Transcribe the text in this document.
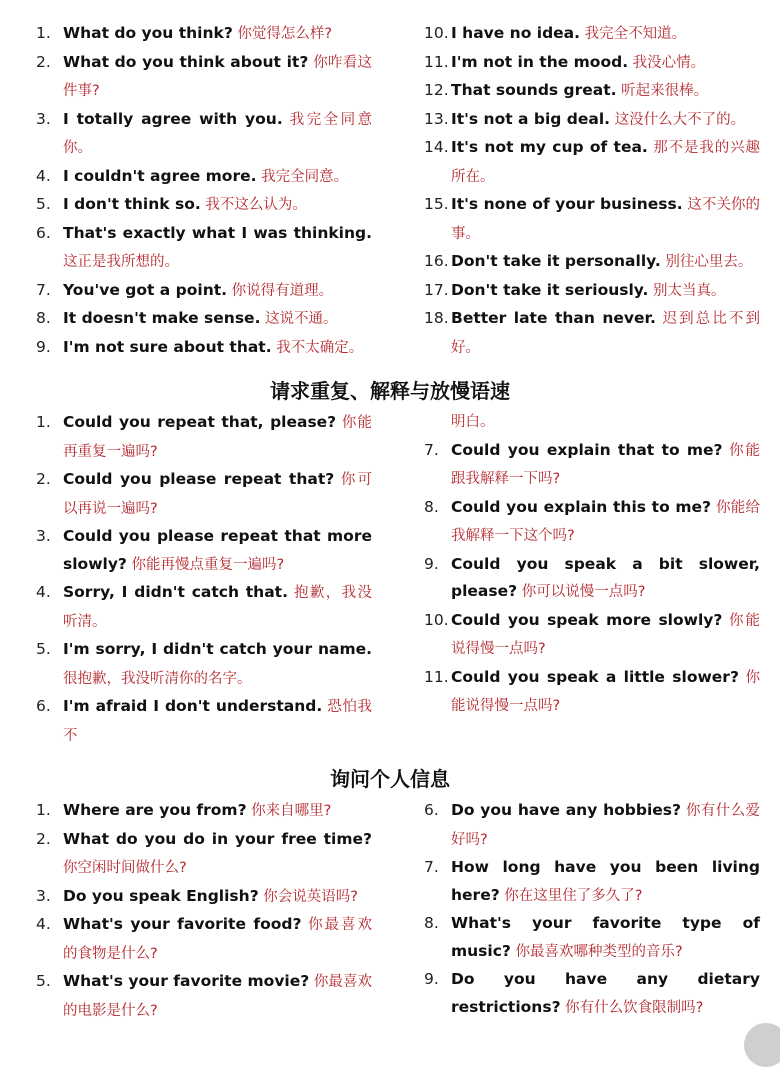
1. What do you think? 你觉得怎么样?
2. What do you think about it? 你咋看这件事?
3. I totally agree with you. 我完全同意你。
4. I couldn't agree more. 我完全同意。
5. I don't think so. 我不这么认为。
6. That's exactly what I was thinking. 这正是我所想的。
7. You've got a point. 你说得有道理。
8. It doesn't make sense. 这说不通。
9. I'm not sure about that. 我不太确定。
10. I have no idea. 我完全不知道。
11. I'm not in the mood. 我没心情。
12. That sounds great. 听起来很棒。
13. It's not a big deal. 这没什么大不了的。
14. It's not my cup of tea. 那不是我的兴趣所在。
15. It's none of your business. 这不关你的事。
16. Don't take it personally. 别往心里去。
17. Don't take it seriously. 别太当真。
18. Better late than never. 迟到总比不到好。
请求重复、解释与放慢语速
1. Could you repeat that, please? 你能再重复一遍吗?
2. Could you please repeat that? 你可以再说一遍吗?
3. Could you please repeat that more slowly? 你能再慢点重复一遍吗?
4. Sorry, I didn't catch that. 抱歉，我没听清。
5. I'm sorry, I didn't catch your name. 很抱歉，我没听清你的名字。
6. I'm afraid I don't understand. 恐怕我不
明白。
7. Could you explain that to me? 你能跟我解释一下吗?
8. Could you explain this to me? 你能给我解释一下这个吗?
9. Could you speak a bit slower, please? 你可以说慢一点吗?
10. Could you speak more slowly? 你能说得慢一点吗?
11. Could you speak a little slower? 你能说得慢一点吗?
询问个人信息
1. Where are you from? 你来自哪里?
2. What do you do in your free time? 你空闲时间做什么?
3. Do you speak English? 你会说英语吗?
4. What's your favorite food? 你最喜欢的食物是什么?
5. What's your favorite movie? 你最喜欢的电影是什么?
6. Do you have any hobbies? 你有什么爱好吗?
7. How long have you been living here? 你在这里住了多久了?
8. What's your favorite type of music? 你最喜欢哪种类型的音乐?
9. Do you have any dietary restrictions? 你有什么饮食限制吗?
